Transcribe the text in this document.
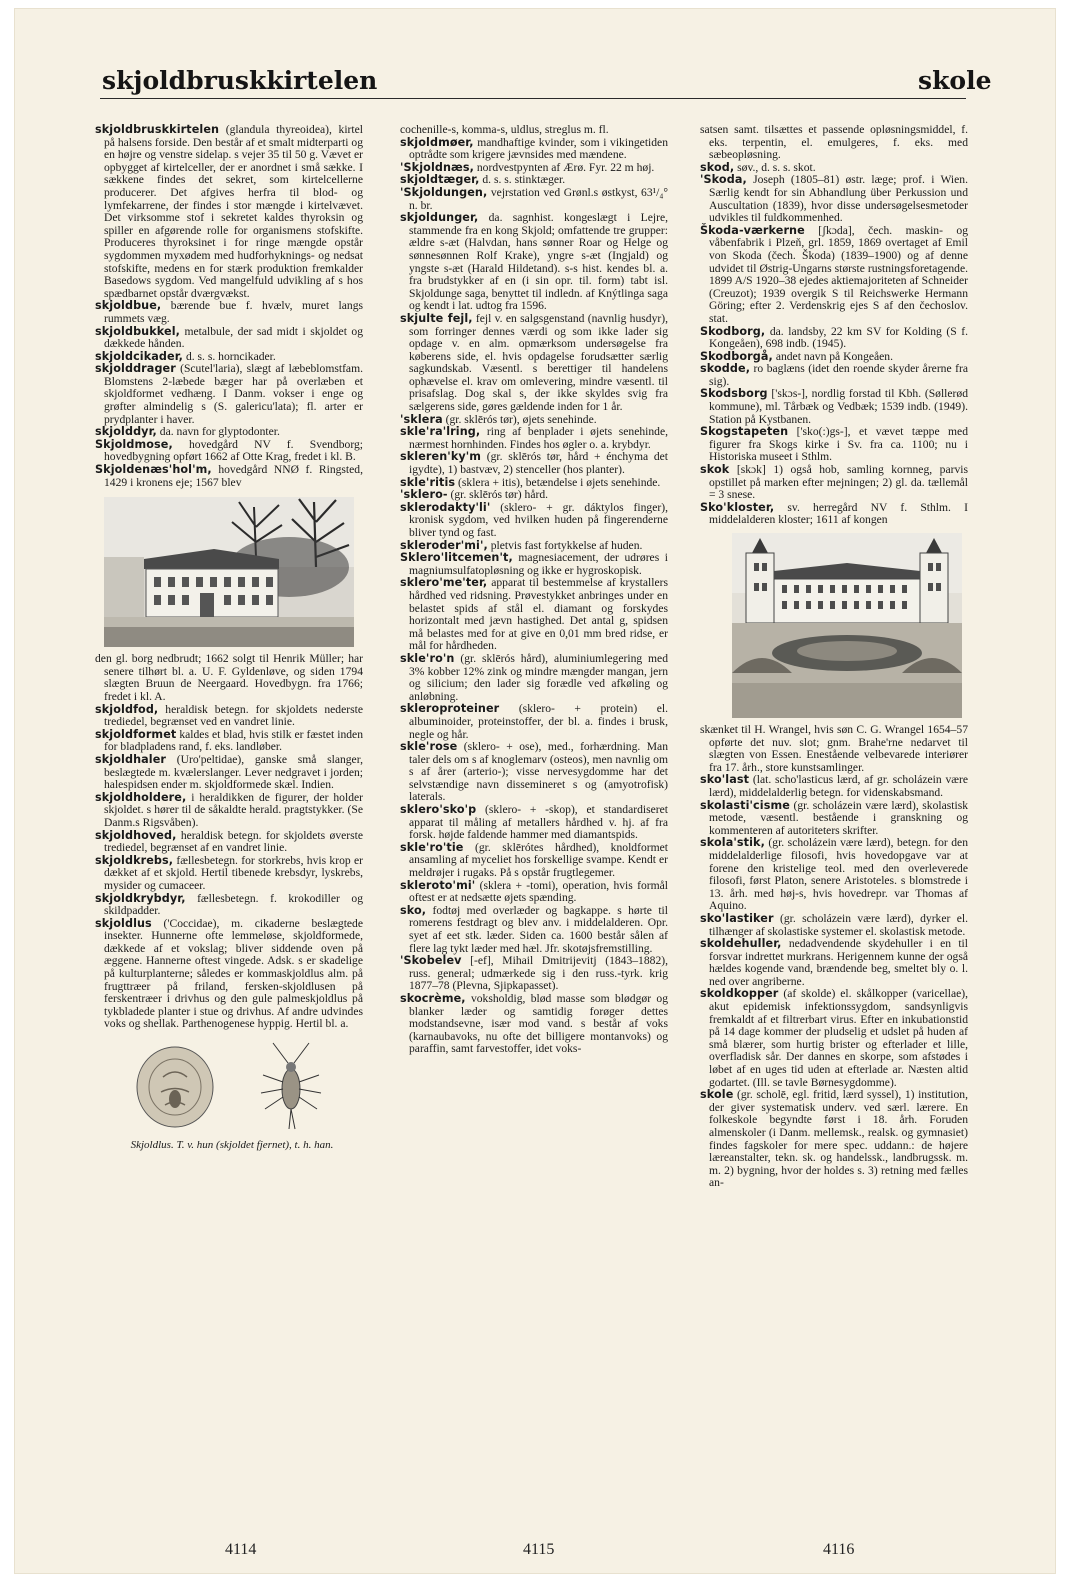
skjoldbruskkirtelen	skole

skjoldbruskkirtelen (glandula thyreoidea), kirtel på halsens forside. Den består af et smalt midterparti og en højre og venstre sidelap. s vejer 35 til 50 g. Vævet er opbygget af kirtelceller, der er anordnet i små sække. I sækkene findes det sekret, som kirtelcellerne producerer. Det afgives herfra til blod- og lymfekarrene, der findes i stor mængde i kirtelvævet. Det virksomme stof i sekretet kaldes thyroksin og spiller en afgørende rolle for organismens stofskifte. Produceres thyroksinet i for ringe mængde opstår sygdommen myxødem med hudforhyknings- og nedsat stofskifte, medens en for stærk produktion fremkalder Basedows sygdom. Ved mangelfuld udvikling af s hos spædbarnet opstår dværgvækst.

skjoldbue, bærende bue f. hvælv, muret langs rummets væg.

skjoldbukkel, metalbule, der sad midt i skjoldet og dækkede hånden.

skjoldcikader, d. s. s. horncikader.

skjolddrager (Scutel'laria), slægt af læbeblomstfam. Blomstens 2-læbede bæger har på overlæben et skjoldformet vedhæng. I Danm. vokser i enge og grøfter almindelig s (S. galericu'lata); fl. arter er prydplanter i haver.

skjolddyr, da. navn for glyptodonter.

Skjoldmose, hovedgård NV f. Svendborg; hovedbygning opført 1662 af Otte Krag, fredet i kl. B.

Skjoldenæs'hol'm, hovedgård NNØ f. Ringsted, 1429 i kronens eje; 1567 blev

den gl. borg nedbrudt; 1662 solgt til Henrik Müller; har senere tilhørt bl. a. U. F. Gyldenløve, og siden 1794 slægten Bruun de Neergaard. Hovedbygn. fra 1766; fredet i kl. A.

skjoldfod, heraldisk betegn. for skjoldets nederste trediedel, begrænset ved en vandret linie.

skjoldformet kaldes et blad, hvis stilk er fæstet inden for bladpladens rand, f. eks. landløber.

skjoldhaler (Uro'peltidae), ganske små slanger, beslægtede m. kvælerslanger. Lever nedgravet i jorden; halespidsen ender m. skjoldformede skæl. Indien.

skjoldholdere, i heraldikken de figurer, der holder skjoldet. s hører til de såkaldte herald. pragtstykker. (Se Danm.s Rigsvåben).

skjoldhoved, heraldisk betegn. for skjoldets øverste trediedel, begrænset af en vandret linie.

skjoldkrebs, fællesbetegn. for storkrebs, hvis krop er dækket af et skjold. Hertil tibenede krebsdyr, lyskrebs, mysider og cumaceer.

skjoldkrybdyr, fællesbetegn. f. krokodiller og skildpadder.

skjoldlus ('Coccidae), m. cikaderne beslægtede insekter. Hunnerne ofte lemmeløse, skjoldformede, dækkede af et vokslag; bliver siddende oven på æggene. Hannerne oftest vingede. Adsk. s er skadelige på kulturplanterne; således er kommaskjoldlus alm. på frugttræer på friland, fersken-skjoldlusen på ferskentræer i drivhus og den gule palmeskjoldlus på tykbladede planter i stue og drivhus. Af andre udvindes voks og shellak. Parthenogenese hyppig. Hertil bl. a.

Skjoldlus. T. v. hun (skjoldet fjernet), t. h. han.

cochenille-s, komma-s, uldlus, streglus m. fl.

skjoldmøer, mandhaftige kvinder, som i vikingetiden optrådte som krigere jævnsides med mændene.

'Skjoldnæs, nordvestpynten af Ærø. Fyr. 22 m høj.

skjoldtæger, d. s. s. stinktæger.

'Skjoldungen, vejrstation ved Grønl.s østkyst, 63¹/₄° n. br.

skjoldunger, da. sagnhist. kongeslægt i Lejre, stammende fra en kong Skjold; omfattende tre grupper: ældre s-æt (Halvdan, hans sønner Roar og Helge og sønnesønnen Rolf Krake), yngre s-æt (Ingjald) og yngste s-æt (Harald Hildetand). s-s hist. kendes bl. a. fra brudstykker af en (i sin opr. til. form) tabt isl. Skjoldunge saga, benyttet til indledn. af Knýtlinga saga og kendt i lat. udtog fra 1596.

skjulte fejl, fejl v. en salgsgenstand (navnlig husdyr), som forringer dennes værdi og som ikke lader sig opdage v. en alm. opmærksom undersøgelse fra køberens side, el. hvis opdagelse forudsætter særlig sagkundskab. Væsentl. s berettiger til handelens ophævelse el. krav om omlevering, mindre væsentl. til prisafslag. Dog skal s, der ikke skyldes svig fra sælgerens side, gøres gældende inden for 1 år.

'sklera (gr. sklērós tør), øjets senehinde.

skle'ra'lring, ring af benplader i øjets senehinde, nærmest hornhinden. Findes hos øgler o. a. krybdyr.

skleren'ky'm (gr. sklērós tør, hård + énchyma det igydte), 1) bastvæv, 2) stenceller (hos planter).

skle'ritis (sklera + itis), betændelse i øjets senehinde.

'sklero- (gr. sklērós tør) hård.

sklerodakty'li' (sklero- + gr. dáktylos finger), kronisk sygdom, ved hvilken huden på fingerenderne bliver tynd og fast.

skleroder'mi', pletvis fast fortykkelse af huden.

Sklero'litcemen't, magnesiacement, der udrøres i magniumsulfatopløsning og ikke er hygroskopisk.

sklero'me'ter, apparat til bestemmelse af krystallers hårdhed ved ridsning. Prøvestykket anbringes under en belastet spids af stål el. diamant og forskydes horizontalt med jævn hastighed. Det antal g, spidsen må belastes med for at give en 0,01 mm bred ridse, er mål for hårdheden.

skle'ro'n (gr. sklērós hård), aluminiumlegering med 3% kobber 12% zink og mindre mængder mangan, jern og silicium; den lader sig forædle ved afkøling og anløbning.

skleroproteiner (sklero- + protein) el. albuminoider, proteinstoffer, der bl. a. findes i brusk, negle og hår.

skle'rose (sklero- + ose), med., forhærdning. Man taler dels om s af knoglemarv (osteos), men navnlig om s af årer (arterio-); visse nervesygdomme har det selvstændige navn dissemineret s og (amyotrofisk) laterals.

sklero'sko'p (sklero- + -skop), et standardiseret apparat til måling af metallers hårdhed v. hj. af fra forsk. højde faldende hammer med diamantspids.

skle'ro'tie (gr. sklērótes hårdhed), knoldformet ansamling af myceliet hos forskellige svampe. Kendt er meldrøjer i rugaks. På s opstår frugtlegemer.

skleroto'mi' (sklera + -tomi), operation, hvis formål oftest er at nedsætte øjets spænding.

sko, fodtøj med overlæder og bagkappe. s hørte til romerens festdragt og blev anv. i middelalderen. Opr. syet af eet stk. læder. Siden ca. 1600 består sålen af flere lag tykt læder med hæl. Jfr. skotøjsfremstilling.

'Skobelev [-ef], Mihail Dmitrijevitj (1843–1882), russ. general; udmærkede sig i den russ.-tyrk. krig 1877–78 (Plevna, Sjipkapasset).

skocrème, voksholdig, blød masse som blødgør og blanker læder og samtidig forøger dettes modstandsevne, især mod vand. s består af voks (karnaubavoks, nu ofte det billigere montanvoks) og paraffin, samt farvestoffer, idet voks-

satsen samt. tilsættes et passende opløsningsmiddel, f. eks. terpentin, el. emulgeres, f. eks. med sæbeopløsning.

skod, søv., d. s. s. skot.

'Skoda, Joseph (1805–81) østr. læge; prof. i Wien. Særlig kendt for sin Abhandlung über Perkussion und Auscultation (1839), hvor disse undersøgelsesmetoder udvikles til fuldkommenhed.

Škoda-værkerne [ʃkɔda], čech. maskin- og våbenfabrik i Plzeň, grl. 1859, 1869 overtaget af Emil von Skoda (čech. Škoda) (1839–1900) og af denne udvidet til Østrig-Ungarns største rustningsforetagende. 1899 A/S 1920–38 ejedes aktiemajoriteten af Schneider (Creuzot); 1939 overgik S til Reichswerke Hermann Göring; efter 2. Verdenskrig ejes S af den čechoslov. stat.

Skodborg, da. landsby, 22 km SV for Kolding (S f. Kongeåen), 698 indb. (1945).

Skodborgå, andet navn på Kongeåen.

skodde, ro baglæns (idet den roende skyder årerne fra sig).

Skodsborg ['skɔs-], nordlig forstad til Kbh. (Søllerød kommune), ml. Tårbæk og Vedbæk; 1539 indb. (1949). Station på Kystbanen.

Skogstapeten ['sko(:)gs-], et vævet tæppe med figurer fra Skogs kirke i Sv. fra ca. 1100; nu i Historiska museet i Sthlm.

skok [skɔk] 1) også hob, samling kornneg, parvis opstillet på marken efter mejningen; 2) gl. da. tællemål = 3 snese.

Sko'kloster, sv. herregård NV f. Sthlm. I middelalderen kloster; 1611 af kongen

skænket til H. Wrangel, hvis søn C. G. Wrangel 1654–57 opførte det nuv. slot; gnm. Brahe'rne nedarvet til slægten von Essen. Enestående velbevarede interiører fra 17. årh., store kunstsamlinger.

sko'last (lat. scho'lasticus lærd, af gr. scholázein være lærd), middelalderlig betegn. for videnskabsmand.

skolasti'cisme (gr. scholázein være lærd), skolastisk metode, væsentl. bestående i granskning og kommenteren af autoriteters skrifter.

skola'stik, (gr. scholázein være lærd), betegn. for den middelalderlige filosofi, hvis hovedopgave var at forene den kristelige teol. med den overleverede filosofi, først Platon, senere Aristoteles. s blomstrede i 13. årh. med høj-s, hvis hovedrepr. var Thomas af Aquino.

sko'lastiker (gr. scholázein være lærd), dyrker el. tilhænger af skolastiske systemer el. skolastisk metode.

skoldehuller, nedadvendende skydehuller i en til forsvar indrettet murkrans. Herigennem kunne der også hældes kogende vand, brændende beg, smeltet bly o. l. ned over angriberne.

skoldkopper (af skolde) el. skålkopper (varicellae), akut epidemisk infektionssygdom, sandsynligvis fremkaldt af et filtrerbart virus. Efter en inkubationstid på 14 dage kommer der pludselig et udslet på huden af små blærer, som hurtig brister og efterlader et lille, overfladisk sår. Der dannes en skorpe, som afstødes i løbet af en uges tid uden at efterlade ar. Næsten altid godartet. (Ill. se tavle Børnesygdomme).

skole (gr. scholē, egl. fritid, lærd syssel), 1) institution, der giver systematisk underv. ved særl. lærere. En folkeskole begyndte først i 18. årh. Foruden almenskoler (i Danm. mellemsk., realsk. og gymnasiet) findes fagskoler for mere spec. uddann.: de højere læreanstalter, tekn. sk. og handelssk., landbrugssk. m. m. 2) bygning, hvor der holdes s. 3) retning med fælles an-

4114	4115	4116
